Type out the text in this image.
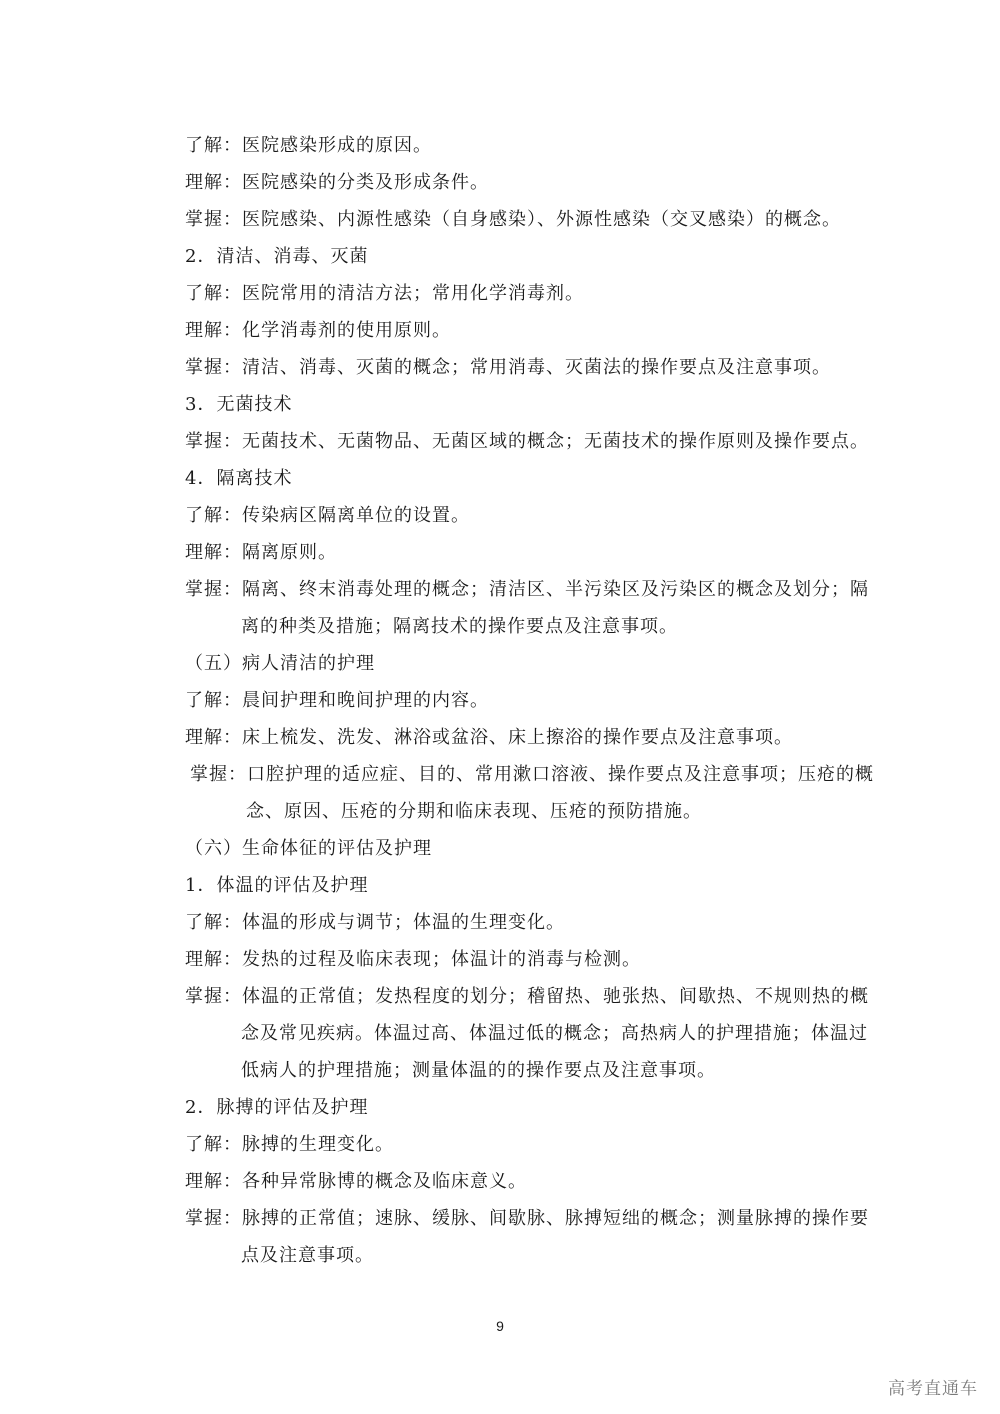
了解：医院感染形成的原因。
理解：医院感染的分类及形成条件。
掌握：医院感染、内源性感染（自身感染）、外源性感染（交叉感染）的概念。
2．清洁、消毒、灭菌
了解：医院常用的清洁方法；常用化学消毒剂。
理解：化学消毒剂的使用原则。
掌握：清洁、消毒、灭菌的概念；常用消毒、灭菌法的操作要点及注意事项。
3．无菌技术
掌握：无菌技术、无菌物品、无菌区域的概念；无菌技术的操作原则及操作要点。
4．隔离技术
了解：传染病区隔离单位的设置。
理解：隔离原则。
掌握：隔离、终末消毒处理的概念；清洁区、半污染区及污染区的概念及划分；隔
离的种类及措施；隔离技术的操作要点及注意事项。
（五）病人清洁的护理
了解：晨间护理和晚间护理的内容。
理解：床上梳发、洗发、淋浴或盆浴、床上擦浴的操作要点及注意事项。
掌握：口腔护理的适应症、目的、常用漱口溶液、操作要点及注意事项；压疮的概
念、原因、压疮的分期和临床表现、压疮的预防措施。
（六）生命体征的评估及护理
1．体温的评估及护理
了解：体温的形成与调节；体温的生理变化。
理解：发热的过程及临床表现；体温计的消毒与检测。
掌握：体温的正常值；发热程度的划分；稽留热、驰张热、间歇热、不规则热的概
念及常见疾病。体温过高、体温过低的概念；高热病人的护理措施；体温过
低病人的护理措施；测量体温的的操作要点及注意事项。
2．脉搏的评估及护理
了解：脉搏的生理变化。
理解：各种异常脉博的概念及临床意义。
掌握：脉搏的正常值；速脉、缓脉、间歇脉、脉搏短绌的概念；测量脉搏的操作要
点及注意事项。
9
高考直通车
